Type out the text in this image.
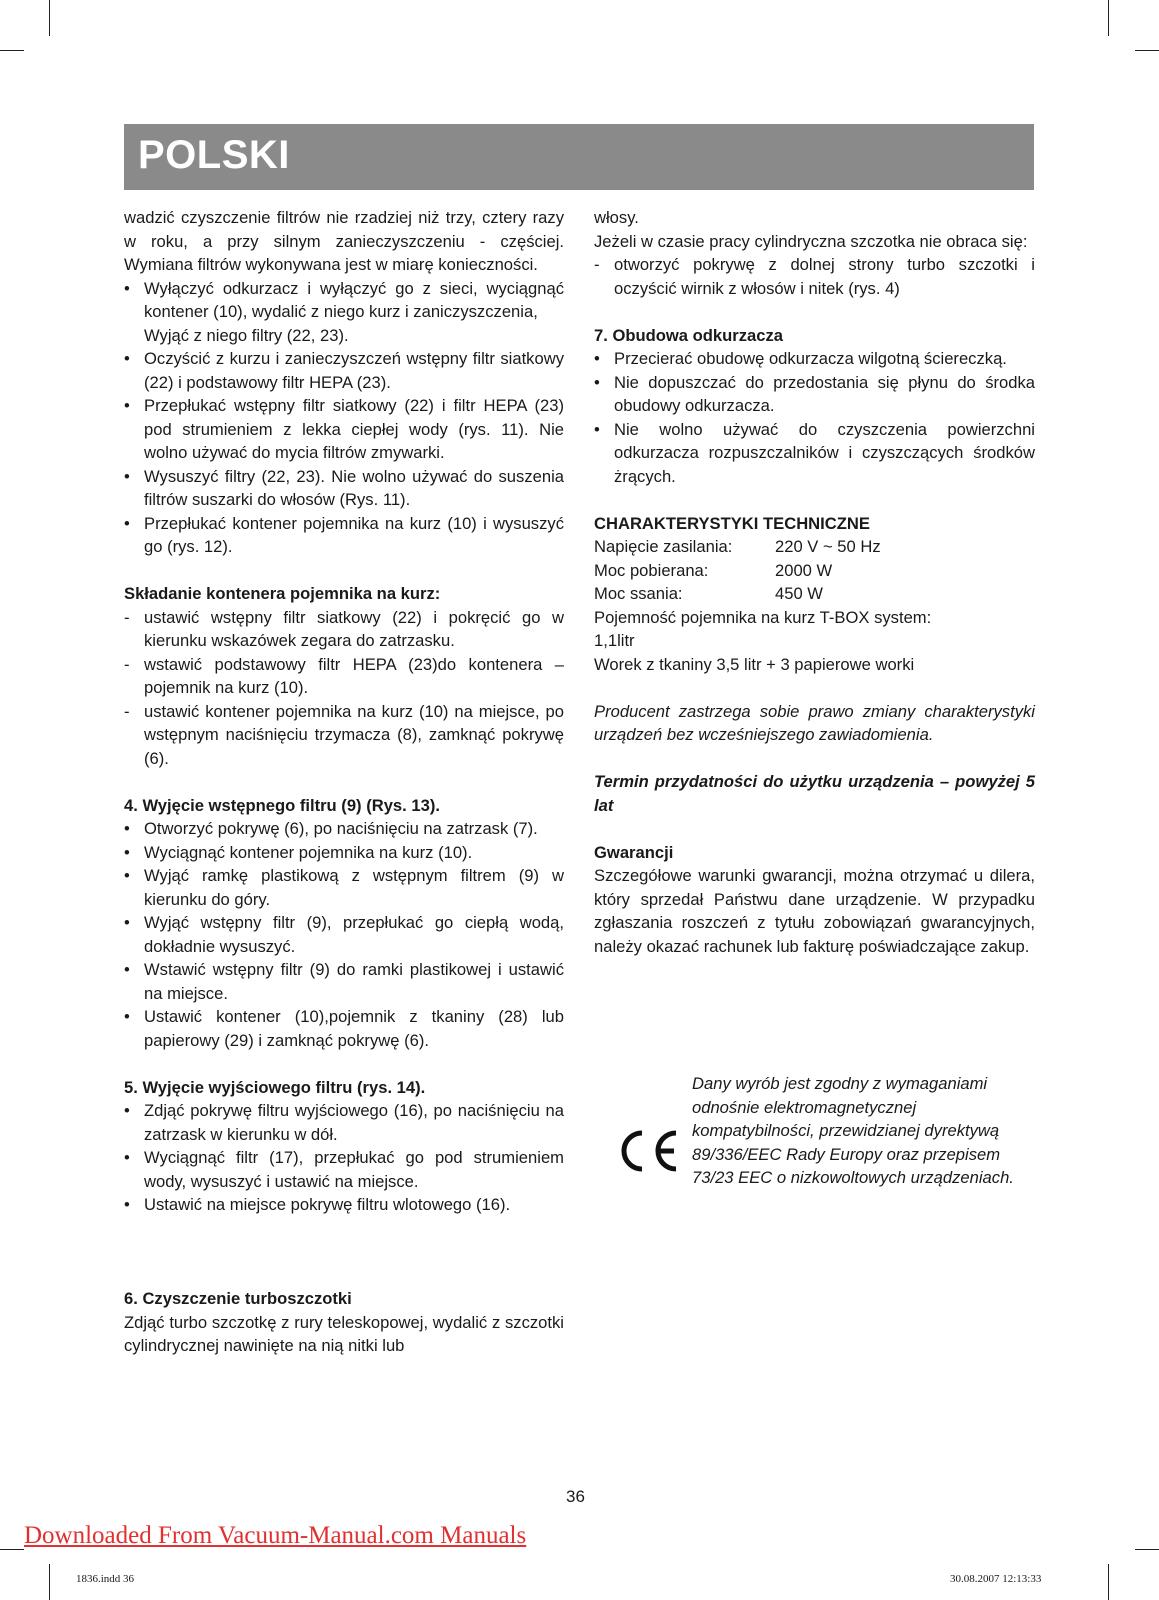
POLSKI

wadzić czyszczenie filtrów nie rzadziej niż trzy, cztery razy w roku, a przy silnym zanieczyszczeniu - częściej. Wymiana filtrów wykonywana jest w miarę konieczności.

• Wyłączyć odkurzacz i wyłączyć go z sieci, wyciągnąć kontener (10), wydalić z niego kurz i zaniczyszczenia,

Wyjąć z niego filtry (22, 23).

• Oczyścić z kurzu i zanieczyszczeń wstępny filtr siatkowy (22) i podstawowy filtr HEPA (23).
• Przepłukać wstępny filtr siatkowy (22) i filtr HEPA (23) pod strumieniem z lekka ciepłej wody (rys. 11). Nie wolno używać do mycia filtrów zmywarki.
• Wysuszyć filtry (22, 23). Nie wolno używać do suszenia filtrów suszarki do włosów (Rys. 11).
• Przepłukać kontener pojemnika na kurz (10) i wysuszyć go (rys. 12).

Składanie kontenera pojemnika na kurz:

- ustawić wstępny filtr siatkowy (22) i pokręcić go w kierunku wskazówek zegara do zatrzasku.
- wstawić podstawowy filtr HEPA (23)do kontenera – pojemnik na kurz (10).
- ustawić kontener pojemnika na kurz (10) na miejsce, po wstępnym naciśnięciu trzymacza (8), zamknąć pokrywę (6).

4. Wyjęcie wstępnego filtru (9) (Rys. 13).

• Otworzyć pokrywę (6), po naciśnięciu na zatrzask (7).
• Wyciągnąć kontener pojemnika na kurz (10).
• Wyjąć ramkę plastikową z wstępnym filtrem (9) w kierunku do góry.
• Wyjąć wstępny filtr (9), przepłukać go ciepłą wodą, dokładnie wysuszyć.
• Wstawić wstępny filtr (9) do ramki plastikowej i ustawić na miejsce.
• Ustawić kontener (10),pojemnik z tkaniny (28) lub papierowy (29) i zamknąć pokrywę (6).

5. Wyjęcie wyjściowego filtru (rys. 14).

• Zdjąć pokrywę filtru wyjściowego (16), po naciśnięciu na zatrzask w kierunku w dół.
• Wyciągnąć filtr (17), przepłukać go pod strumieniem wody, wysuszyć i ustawić na miejsce.
• Ustawić na miejsce pokrywę filtru wlotowego (16).

6. Czyszczenie turboszczotki

Zdjąć turbo szczotkę z rury teleskopowej, wydalić z szczotki cylindrycznej nawinięte na nią nitki lub

włosy.

Jeżeli w czasie pracy cylindryczna szczotka nie obraca się:

- otworzyć pokrywę z dolnej strony turbo szczotki i oczyścić wirnik z włosów i nitek (rys. 4)

7. Obudowa odkurzacza

• Przecierać obudowę odkurzacza wilgotną ściereczką.
• Nie dopuszczać do przedostania się płynu do środka obudowy odkurzacza.
• Nie wolno używać do czyszczenia powierzchni odkurzacza rozpuszczalników i czyszczących środków żrących.

CHARAKTERYSTYKI TECHNICZNE

Napięcie zasilania:	220 V ~ 50 Hz
Moc pobierana:	2000 W
Moc ssania:	450 W

Pojemność pojemnika na kurz T-BOX system:

1,1litr

Worek z tkaniny 3,5 litr + 3 papierowe worki

Producent zastrzega sobie prawo zmiany charakterystyki urządzeń bez wcześniejszego zawiadomienia.

Termin przydatności do użytku urządzenia – powyżej 5 lat

Gwarancji

Szczegółowe warunki gwarancji, można otrzymać u dilera, który sprzedał Państwu dane urządzenie. W przypadku zgłaszania roszczeń z tytułu zobowiązań gwarancyjnych, należy okazać rachunek lub fakturę poświadczające zakup.

Dany wyrób jest zgodny z wymaganiami odnośnie elektromagnetycznej kompatybilności, przewidzianej dyrektywą 89/336/EEC Rady Europy oraz przepisem 73/23 EEC o nizkowoltowych urządzeniach.
36
Downloaded From Vacuum-Manual.com Manuals
1836.indd 36	30.08.2007 12:13:33
